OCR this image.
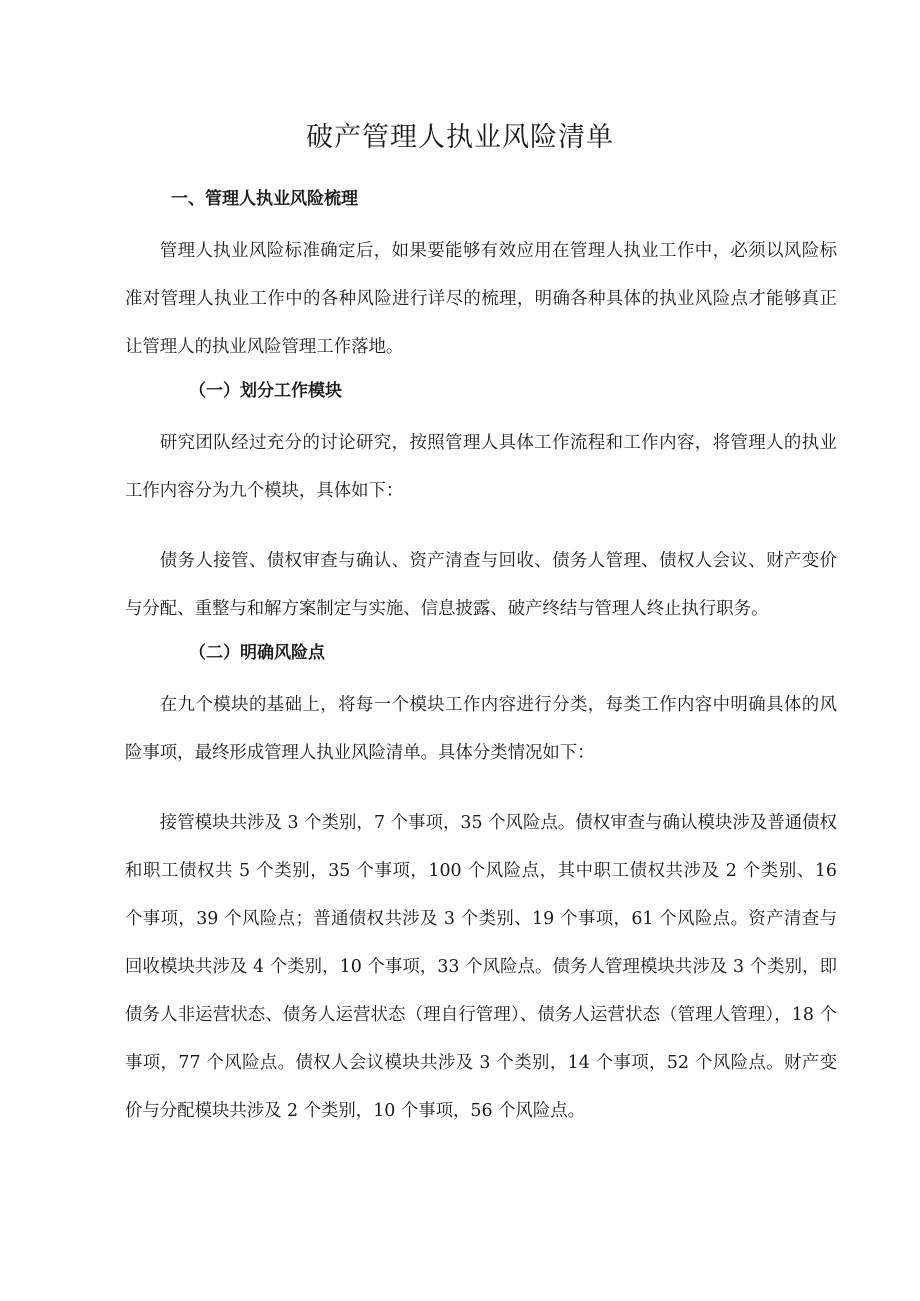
破产管理人执业风险清单
一、管理人执业风险梳理

管理人执业风险标准确定后，如果要能够有效应用在管理人执业工作中，必须以风险标准对管理人执业工作中的各种风险进行详尽的梳理，明确各种具体的执业风险点才能够真正让管理人的执业风险管理工作落地。

（一）划分工作模块

研究团队经过充分的讨论研究，按照管理人具体工作流程和工作内容，将管理人的执业工作内容分为九个模块，具体如下：

债务人接管、债权审查与确认、资产清查与回收、债务人管理、债权人会议、财产变价与分配、重整与和解方案制定与实施、信息披露、破产终结与管理人终止执行职务。

（二）明确风险点

在九个模块的基础上，将每一个模块工作内容进行分类，每类工作内容中明确具体的风险事项，最终形成管理人执业风险清单。具体分类情况如下：

接管模块共涉及 3 个类别，7 个事项，35 个风险点。债权审查与确认模块涉及普通债权和职工债权共 5 个类别，35 个事项，100 个风险点，其中职工债权共涉及 2 个类别、16 个事项，39 个风险点；普通债权共涉及 3 个类别、19 个事项，61 个风险点。资产清查与回收模块共涉及 4 个类别，10 个事项，33 个风险点。债务人管理模块共涉及 3 个类别，即债务人非运营状态、债务人运营状态（理自行管理）、债务人运营状态（管理人管理），18 个事项，77 个风险点。债权人会议模块共涉及 3 个类别，14 个事项，52 个风险点。财产变价与分配模块共涉及 2 个类别，10 个事项，56 个风险点。
